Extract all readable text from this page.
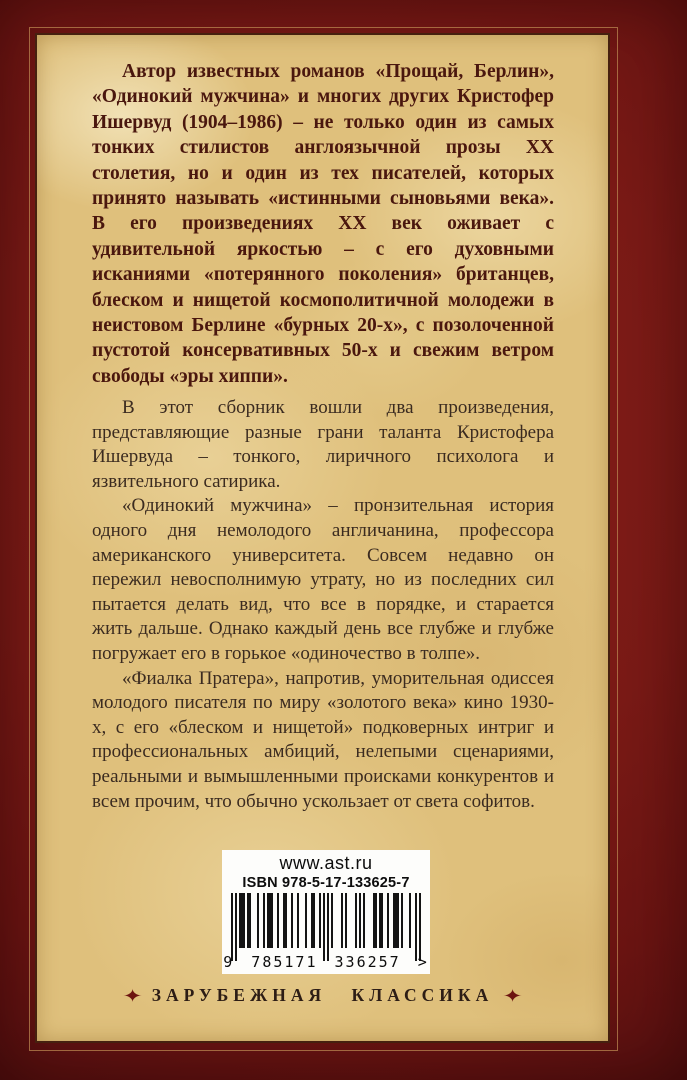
Автор известных романов «Прощай, Берлин», «Одинокий мужчина» и многих других Кристофер Ишервуд (1904–1986) – не только один из самых тонких стилистов англоязычной прозы XX столетия, но и один из тех писателей, которых принято называть «истинными сыновьями века». В его произведениях XX век оживает с удивительной яркостью – с его духовными исканиями «потерянного поколения» британцев, блеском и нищетой космополитичной молодежи в неистовом Берлине «бурных 20-х», с позолоченной пустотой консервативных 50-х и свежим ветром свободы «эры хиппи».

В этот сборник вошли два произведения, представляющие разные грани таланта Кристофера Ишервуда – тонкого, лиричного психолога и язвительного сатирика.

«Одинокий мужчина» – пронзительная история одного дня немолодого англичанина, профессора американского университета. Совсем недавно он пережил невосполнимую утрату, но из последних сил пытается делать вид, что все в порядке, и старается жить дальше. Однако каждый день все глубже и глубже погружает его в горькое «одиночество в толпе».

«Фиалка Пратера», напротив, уморительная одиссея молодого писателя по миру «золотого века» кино 1930-х, с его «блеском и нищетой» подковерных интриг и профессиональных амбиций, нелепыми сценариями, реальными и вымышленными происками конкурентов и всем прочим, что обычно ускользает от света софитов.

www.ast.ru
ISBN 978-5-17-133625-7
9 785171 336257 >
✦ ЗАРУБЕЖНАЯ КЛАССИКА ✦
